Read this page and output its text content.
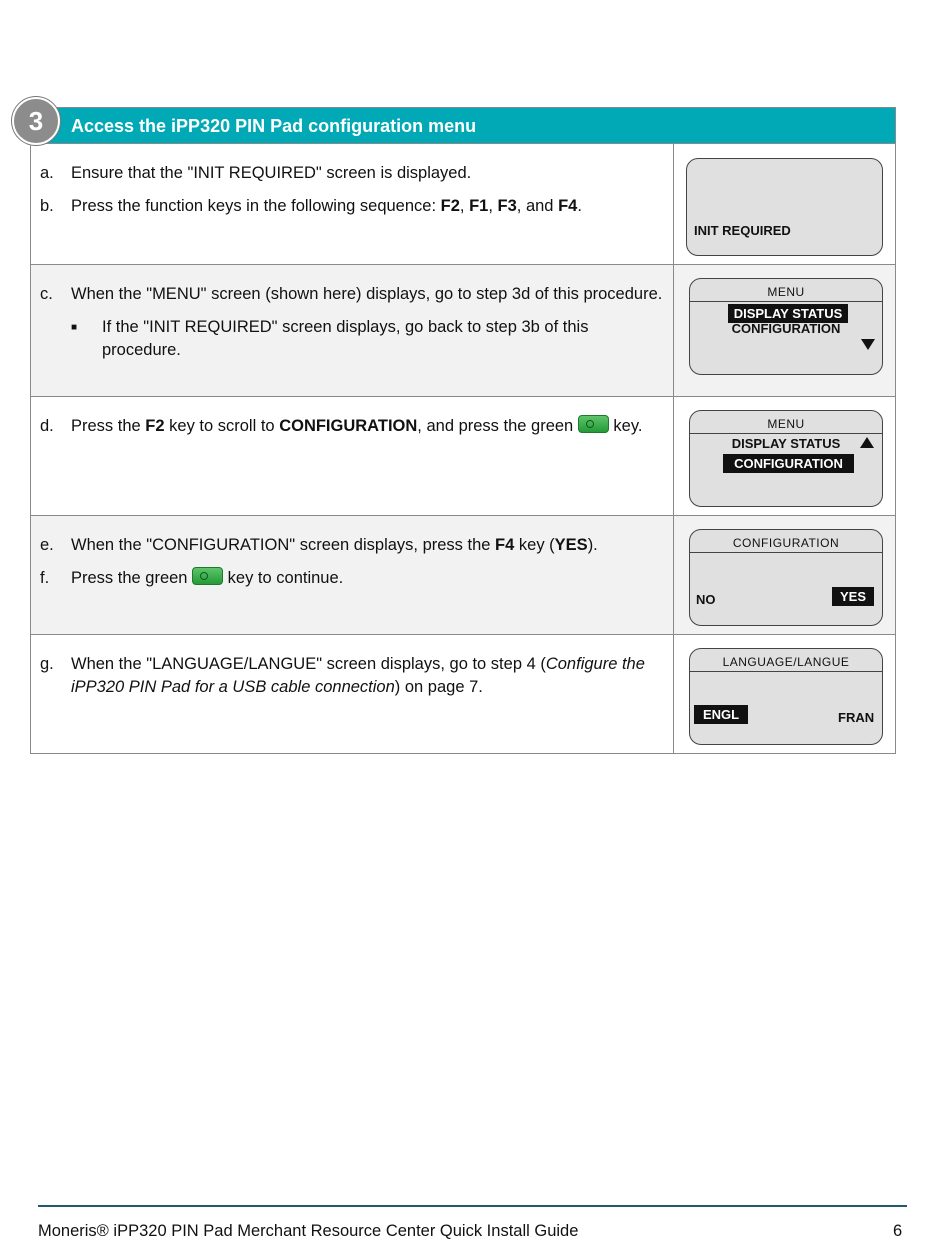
3	Access the iPP320 PIN Pad configuration menu
a.	Ensure that the "INIT REQUIRED" screen is displayed.
b.	Press the function keys in the following sequence: F2, F1, F3, and F4.
INIT REQUIRED
c.	When the "MENU" screen (shown here) displays, go to step 3d of this procedure.
■	If the "INIT REQUIRED" screen displays, go back to step 3b of this procedure.
MENU
DISPLAY STATUS
CONFIGURATION
d.	Press the F2 key to scroll to CONFIGURATION, and press the green  key.	MENU
DISPLAY STATUS
CONFIGURATION
e.	When the "CONFIGURATION" screen displays, press the F4 key (YES).
f.	Press the green  key to continue.
CONFIGURATION
NO	YES
g.	When the "LANGUAGE/LANGUE" screen displays, go to step 4 (Configure the iPP320 PIN Pad for a USB cable connection) on page 7.
LANGUAGE/LANGUE
ENGL	FRAN
Moneris® iPP320 PIN Pad Merchant Resource Center Quick Install Guide	6
